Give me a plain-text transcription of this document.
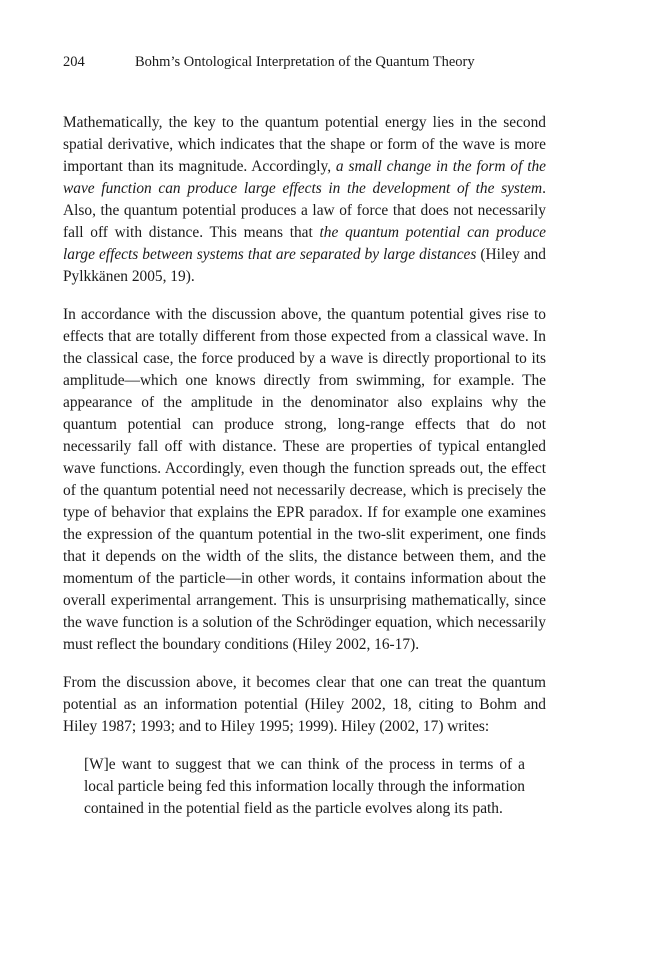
204	Bohm’s Ontological Interpretation of the Quantum Theory

Mathematically, the key to the quantum potential energy lies in the second spatial derivative, which indicates that the shape or form of the wave is more important than its magnitude. Accordingly, a small change in the form of the wave function can produce large effects in the development of the system. Also, the quantum potential produces a law of force that does not necessarily fall off with distance. This means that the quantum potential can produce large effects between systems that are separated by large distances (Hiley and Pylkkänen 2005, 19).

In accordance with the discussion above, the quantum potential gives rise to effects that are totally different from those expected from a classical wave. In the classical case, the force produced by a wave is directly proportional to its amplitude—which one knows directly from swimming, for example. The appearance of the amplitude in the denominator also explains why the quantum potential can produce strong, long-range effects that do not necessarily fall off with distance. These are properties of typical entangled wave functions. Accordingly, even though the function spreads out, the effect of the quantum potential need not necessarily decrease, which is precisely the type of behavior that explains the EPR paradox. If for example one examines the expression of the quantum potential in the two-slit experiment, one finds that it depends on the width of the slits, the distance between them, and the momentum of the particle—in other words, it contains information about the overall experimental arrangement. This is unsurprising mathematically, since the wave function is a solution of the Schrödinger equation, which necessarily must reflect the boundary conditions (Hiley 2002, 16-17).

From the discussion above, it becomes clear that one can treat the quantum potential as an information potential (Hiley 2002, 18, citing to Bohm and Hiley 1987; 1993; and to Hiley 1995; 1999). Hiley (2002, 17) writes:

[W]e want to suggest that we can think of the process in terms of a local particle being fed this information locally through the information contained in the potential field as the particle evolves along its path.
